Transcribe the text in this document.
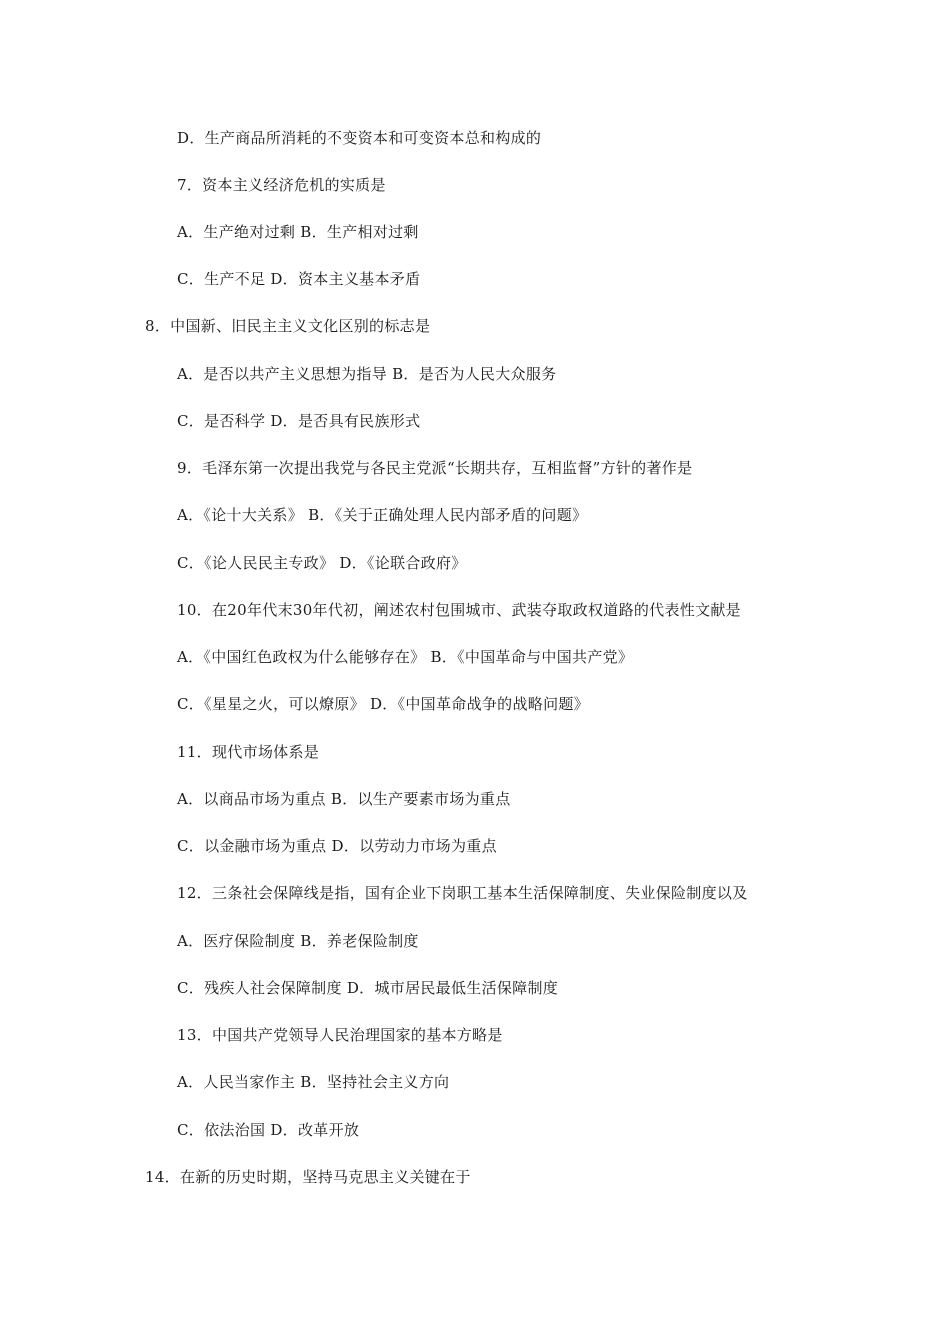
D．生产商品所消耗的不变资本和可变资本总和构成的
7．资本主义经济危机的实质是
A．生产绝对过剩 B．生产相对过剩
C．生产不足 D．资本主义基本矛盾
8．中国新、旧民主主义文化区别的标志是
A．是否以共产主义思想为指导 B．是否为人民大众服务
C．是否科学 D．是否具有民族形式
9．毛泽东第一次提出我党与各民主党派“长期共存，互相监督”方针的著作是
A．《论十大关系》 B．《关于正确处理人民内部矛盾的问题》
C．《论人民民主专政》 D．《论联合政府》
10．在20年代末30年代初，阐述农村包围城市、武装夺取政权道路的代表性文献是
A．《中国红色政权为什么能够存在》 B．《中国革命与中国共产党》
C．《星星之火，可以燎原》 D．《中国革命战争的战略问题》
11．现代市场体系是
A．以商品市场为重点 B．以生产要素市场为重点
C．以金融市场为重点 D．以劳动力市场为重点
12．三条社会保障线是指，国有企业下岗职工基本生活保障制度、失业保险制度以及
A．医疗保险制度 B．养老保险制度
C．残疾人社会保障制度 D．城市居民最低生活保障制度
13．中国共产党领导人民治理国家的基本方略是
A．人民当家作主 B．坚持社会主义方向
C．依法治国 D．改革开放
14．在新的历史时期，坚持马克思主义关键在于
